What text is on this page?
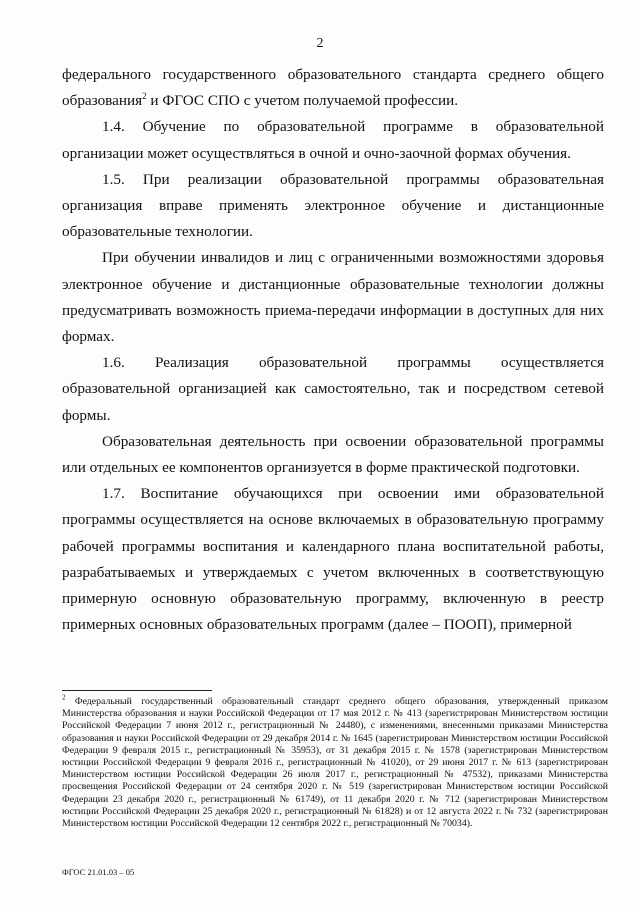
2

федерального государственного образовательного стандарта среднего общего образования$^2$ и ФГОС СПО с учетом получаемой профессии.

1.4. Обучение по образовательной программе в образовательной организации может осуществляться в очной и очно-заочной формах обучения.

1.5. При реализации образовательной программы образовательная организация вправе применять электронное обучение и дистанционные образовательные технологии.

При обучении инвалидов и лиц с ограниченными возможностями здоровья электронное обучение и дистанционные образовательные технологии должны предусматривать возможность приема-передачи информации в доступных для них формах.

1.6. Реализация образовательной программы осуществляется образовательной организацией как самостоятельно, так и посредством сетевой формы.

Образовательная деятельность при освоении образовательной программы или отдельных ее компонентов организуется в форме практической подготовки.

1.7. Воспитание обучающихся при освоении ими образовательной программы осуществляется на основе включаемых в образовательную программу рабочей программы воспитания и календарного плана воспитательной работы, разрабатываемых и утверждаемых с учетом включенных в соответствующую примерную основную образовательную программу, включенную в реестр примерных основных образовательных программ (далее – ПООП), примерной

$^2$ Федеральный государственный образовательный стандарт среднего общего образования, утвержденный приказом Министерства образования и науки Российской Федерации от 17 мая 2012 г. № 413 (зарегистрирован Министерством юстиции Российской Федерации 7 июня 2012 г., регистрационный № 24480), с изменениями, внесенными приказами Министерства образования и науки Российской Федерации от 29 декабря 2014 г. № 1645 (зарегистрирован Министерством юстиции Российской Федерации 9 февраля 2015 г., регистрационный № 35953), от 31 декабря 2015 г. № 1578 (зарегистрирован Министерством юстиции Российской Федерации 9 февраля 2016 г., регистрационный № 41020), от 29 июня 2017 г. № 613 (зарегистрирован Министерством юстиции Российской Федерации 26 июля 2017 г., регистрационный № 47532), приказами Министерства просвещения Российской Федерации от 24 сентября 2020 г. № 519 (зарегистрирован Министерством юстиции Российской Федерации 23 декабря 2020 г., регистрационный № 61749), от 11 декабря 2020 г. № 712 (зарегистрирован Министерством юстиции Российской Федерации 25 декабря 2020 г., регистрационный № 61828) и от 12 августа 2022 г. № 732 (зарегистрирован Министерством юстиции Российской Федерации 12 сентября 2022 г., регистрационный № 70034).
ФГОС 21.01.03 – 05
